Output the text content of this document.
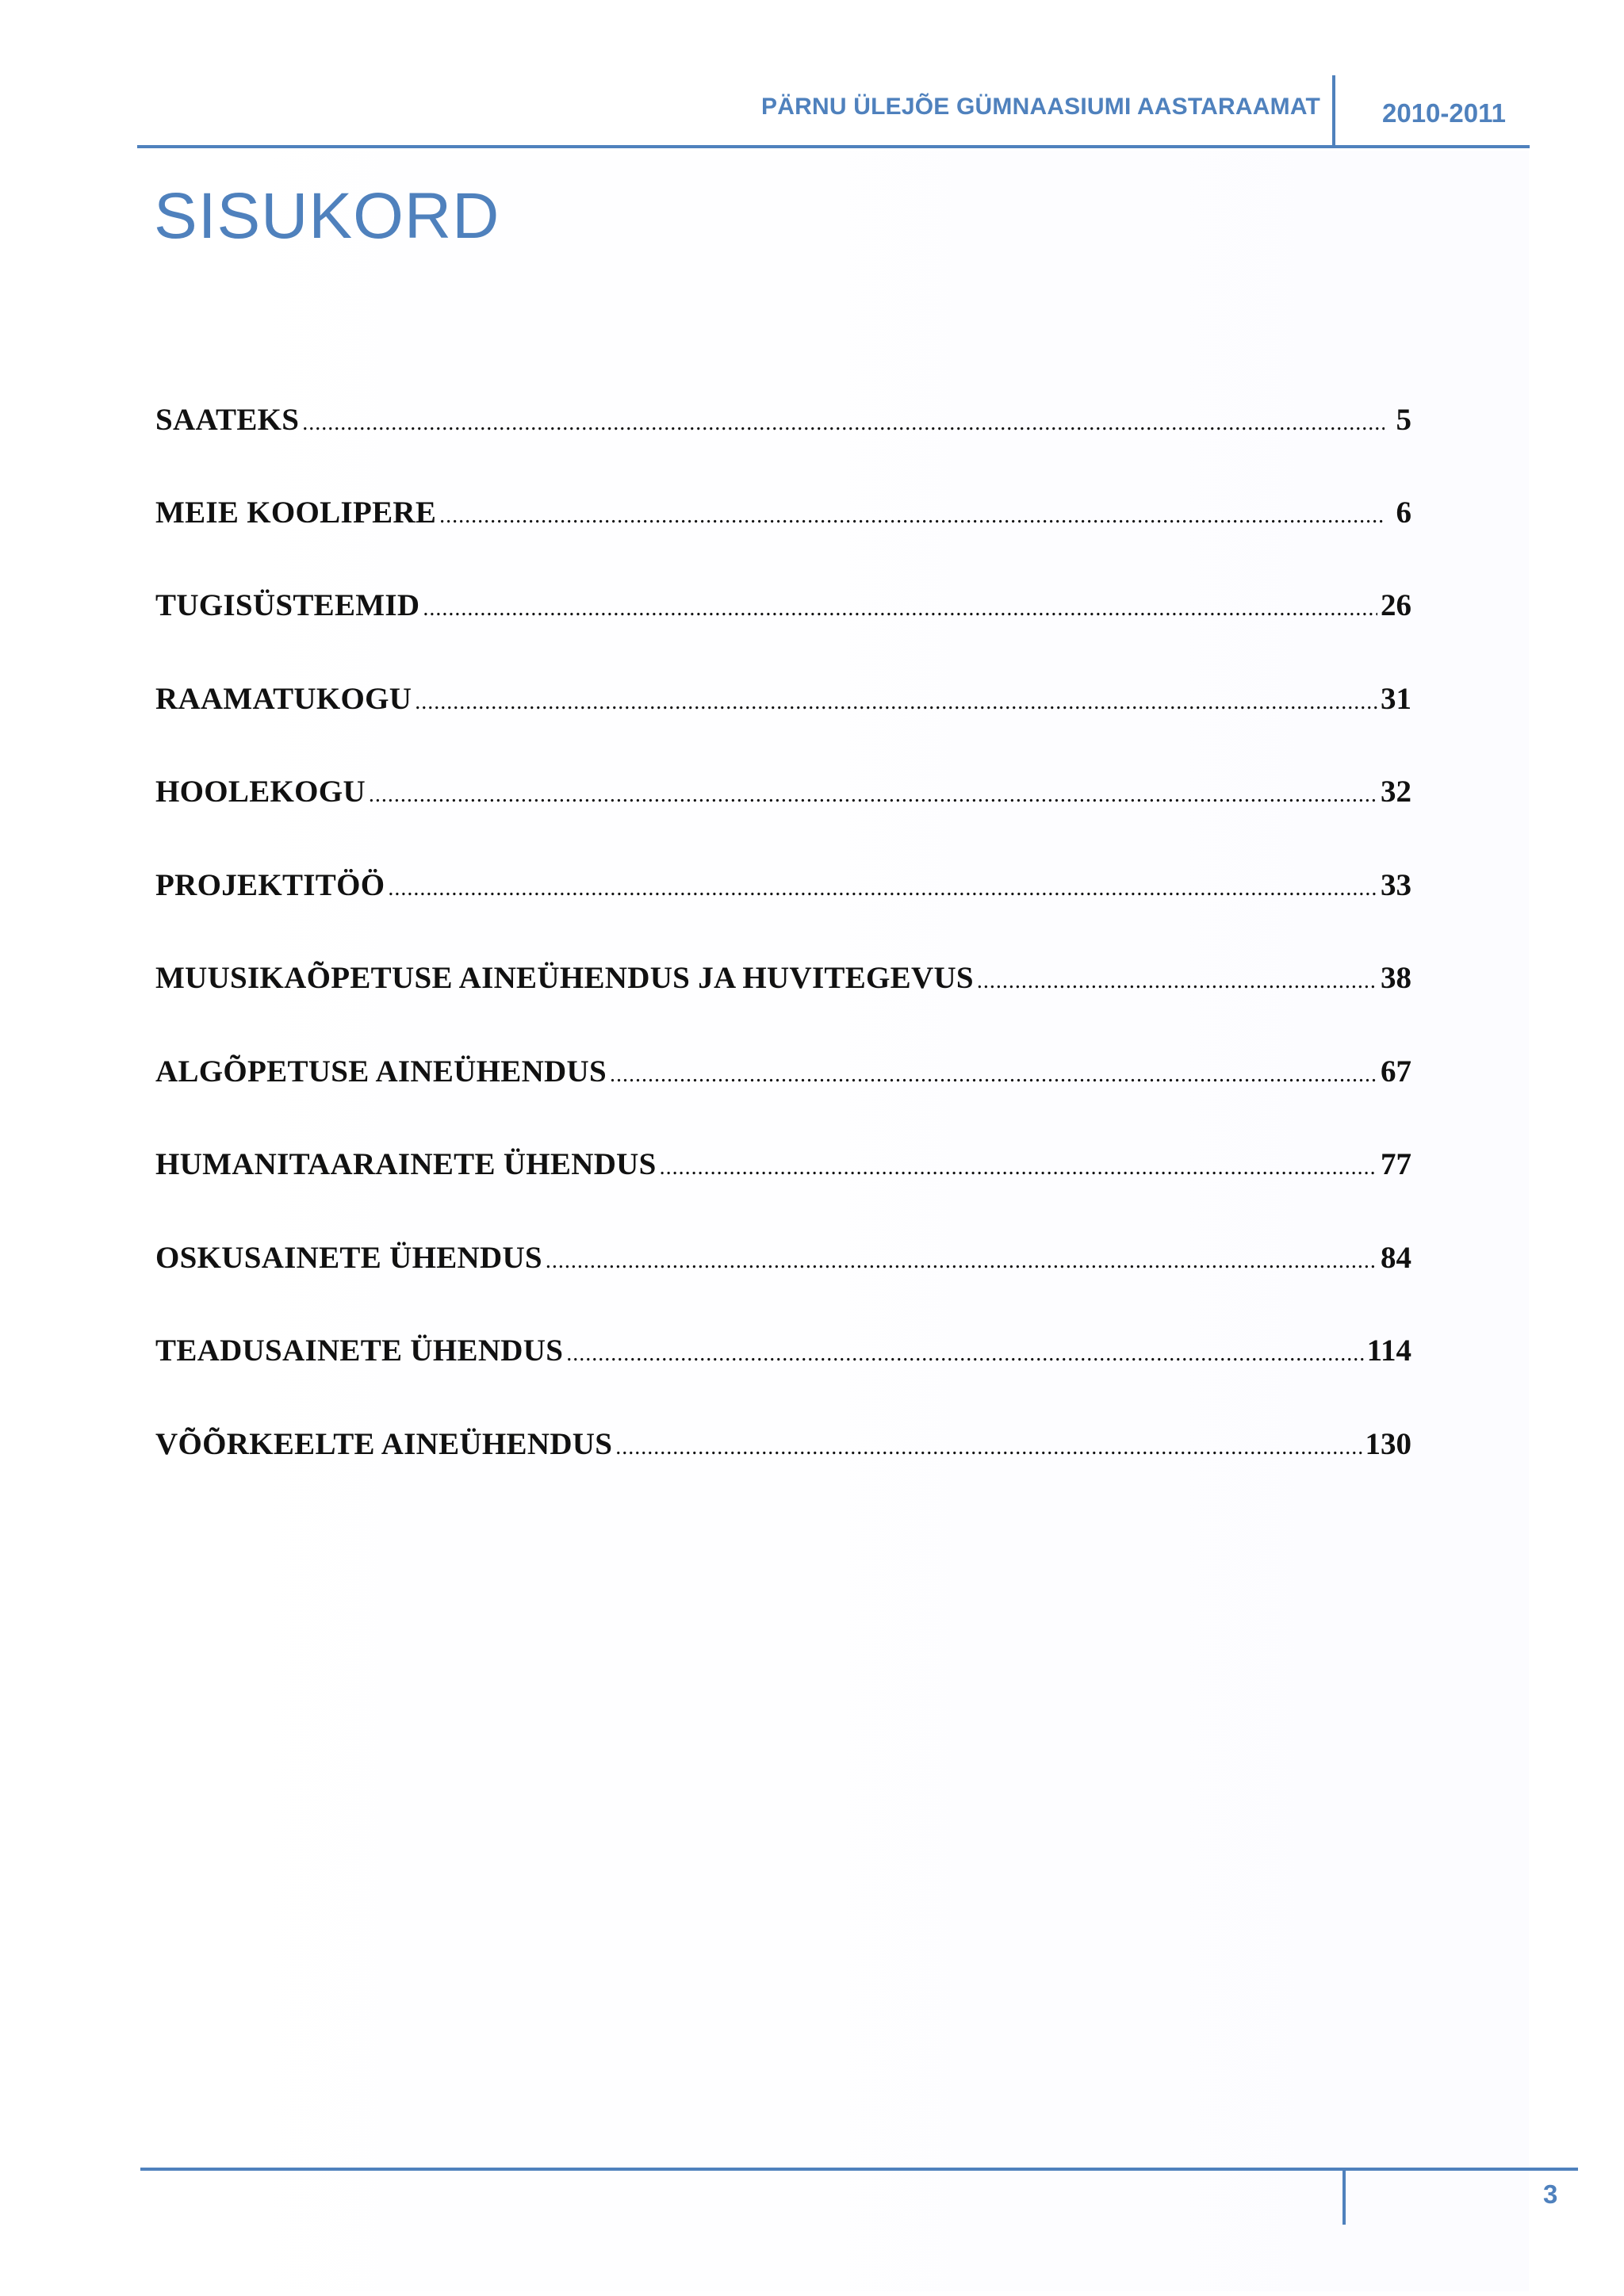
PÄRNU ÜLEJÕE GÜMNAASIUMI AASTARAAMAT 2010-2011
SISUKORD
SAATEKS .....	5
MEIE KOOLIPERE .....	6
TUGISÜSTEEMID .....	26
RAAMATUKOGU .....	31
HOOLEKOGU .....	32
PROJEKTITÖÖ .....	33
MUUSIKAÕPETUSE AINEÜHENDUS JA HUVITEGEVUS .....	38
ALGÕPETUSE AINEÜHENDUS .....	67
HUMANITAARAINETE ÜHENDUS .....	77
OSKUSAINETE ÜHENDUS .....	84
TEADUSAINETE ÜHENDUS .....	114
VÕÕRKEELTE AINEÜHENDUS .....	130
3
